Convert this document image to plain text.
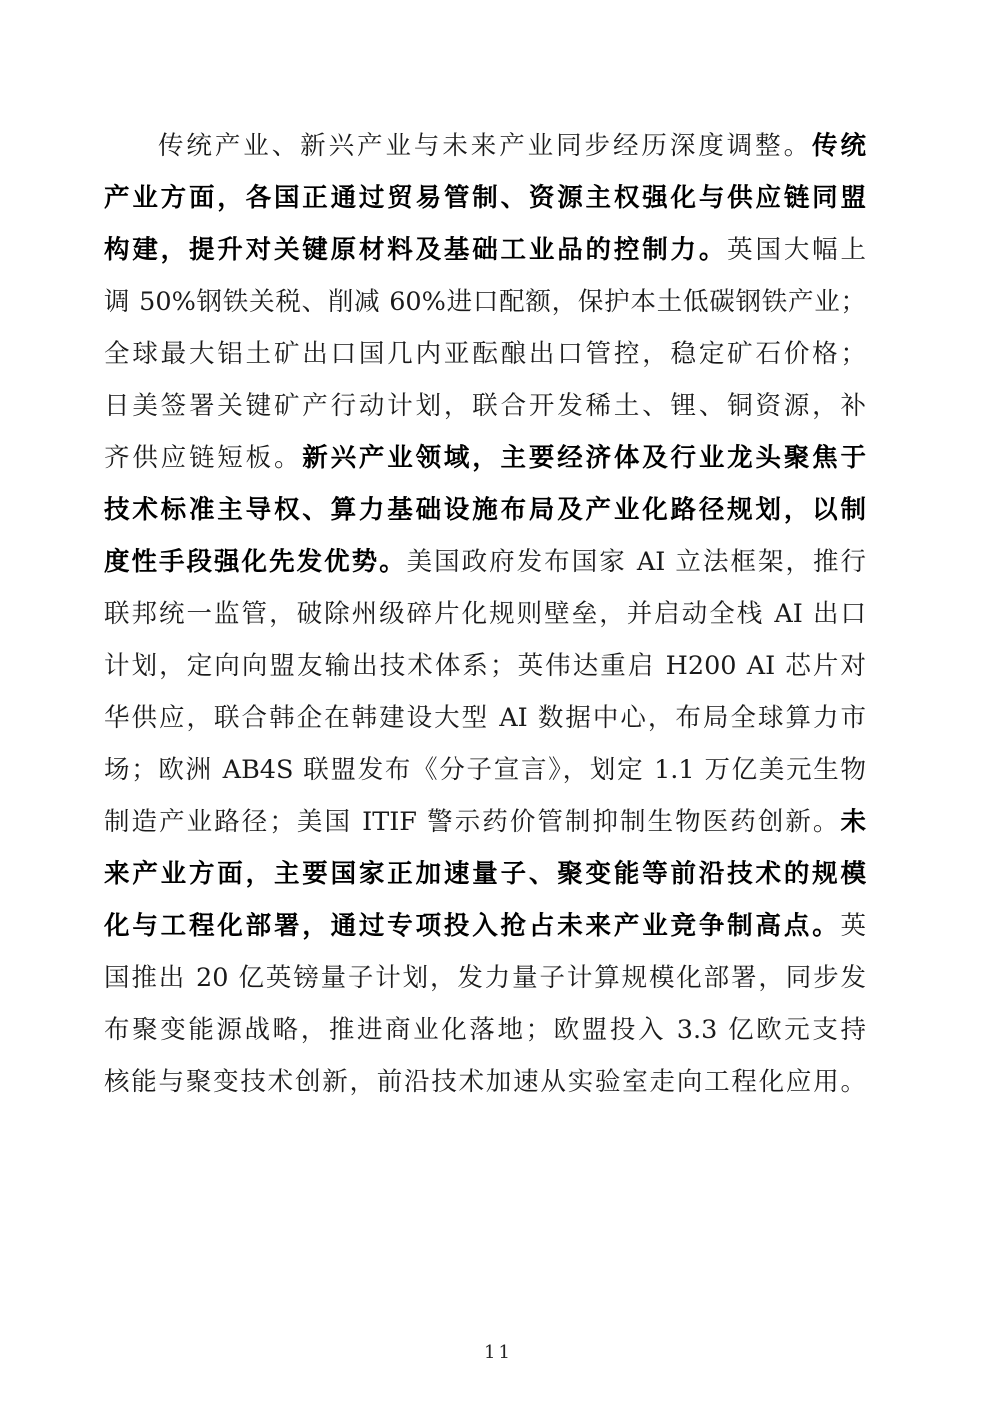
传统产业、新兴产业与未来产业同步经历深度调整。传统
产业方面，各国正通过贸易管制、资源主权强化与供应链同盟
构建，提升对关键原材料及基础工业品的控制力。英国大幅上
调 50%钢铁关税、削减 60%进口配额，保护本土低碳钢铁产业；
全球最大铝土矿出口国几内亚酝酿出口管控，稳定矿石价格；
日美签署关键矿产行动计划，联合开发稀土、锂、铜资源，补
齐供应链短板。新兴产业领域，主要经济体及行业龙头聚焦于
技术标准主导权、算力基础设施布局及产业化路径规划，以制
度性手段强化先发优势。美国政府发布国家 AI 立法框架，推行
联邦统一监管，破除州级碎片化规则壁垒，并启动全栈 AI 出口
计划，定向向盟友输出技术体系；英伟达重启 H200 AI 芯片对
华供应，联合韩企在韩建设大型 AI 数据中心，布局全球算力市
场；欧洲 AB4S 联盟发布《分子宣言》，划定 1.1 万亿美元生物
制造产业路径；美国 ITIF 警示药价管制抑制生物医药创新。未
来产业方面，主要国家正加速量子、聚变能等前沿技术的规模
化与工程化部署，通过专项投入抢占未来产业竞争制高点。英
国推出 20 亿英镑量子计划，发力量子计算规模化部署，同步发
布聚变能源战略，推进商业化落地；欧盟投入 3.3 亿欧元支持
核能与聚变技术创新，前沿技术加速从实验室走向工程化应用。
11
